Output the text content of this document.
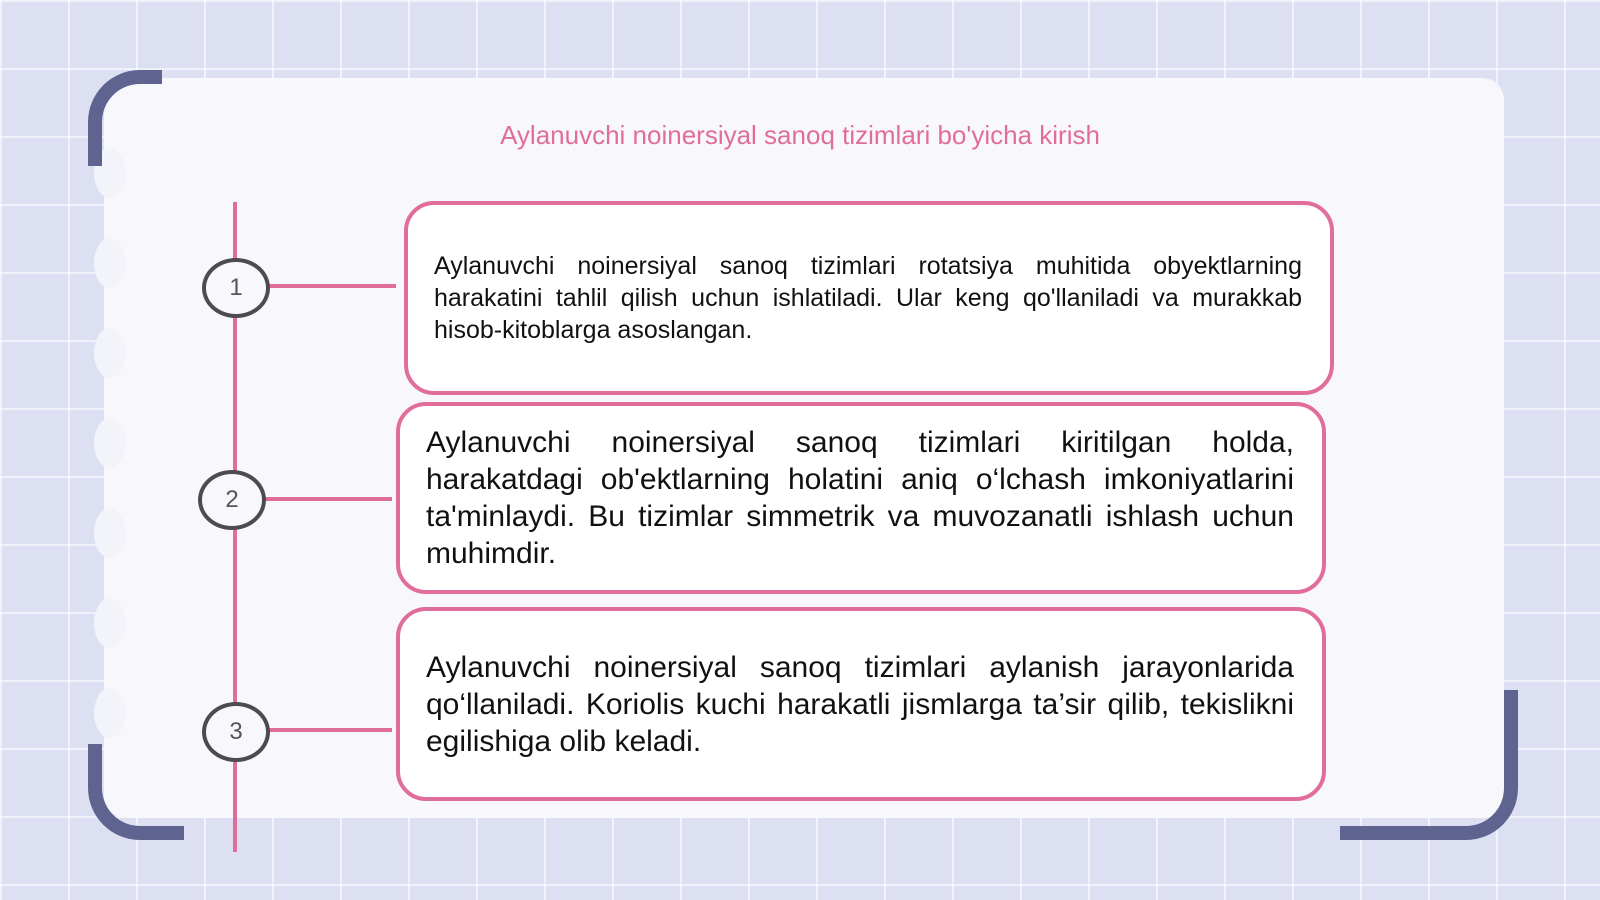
Aylanuvchi noinersiyal sanoq tizimlari bo'yicha kirish
1
Aylanuvchi noinersiyal sanoq tizimlari rotatsiya muhitida obyektlarning harakatini tahlil qilish uchun ishlatiladi. Ular keng qo'llaniladi va murakkab hisob-kitoblarga asoslangan.
2
Aylanuvchi noinersiyal sanoq tizimlari kiritilgan holda, harakatdagi ob'ektlarning holatini aniq o‘lchash imkoniyatlarini ta'minlaydi. Bu tizimlar simmetrik va muvozanatli ishlash uchun muhimdir.
3
Aylanuvchi noinersiyal sanoq tizimlari aylanish jarayonlarida qo‘llaniladi. Koriolis kuchi harakatli jismlarga ta’sir qilib, tekislikni egilishiga olib keladi.
